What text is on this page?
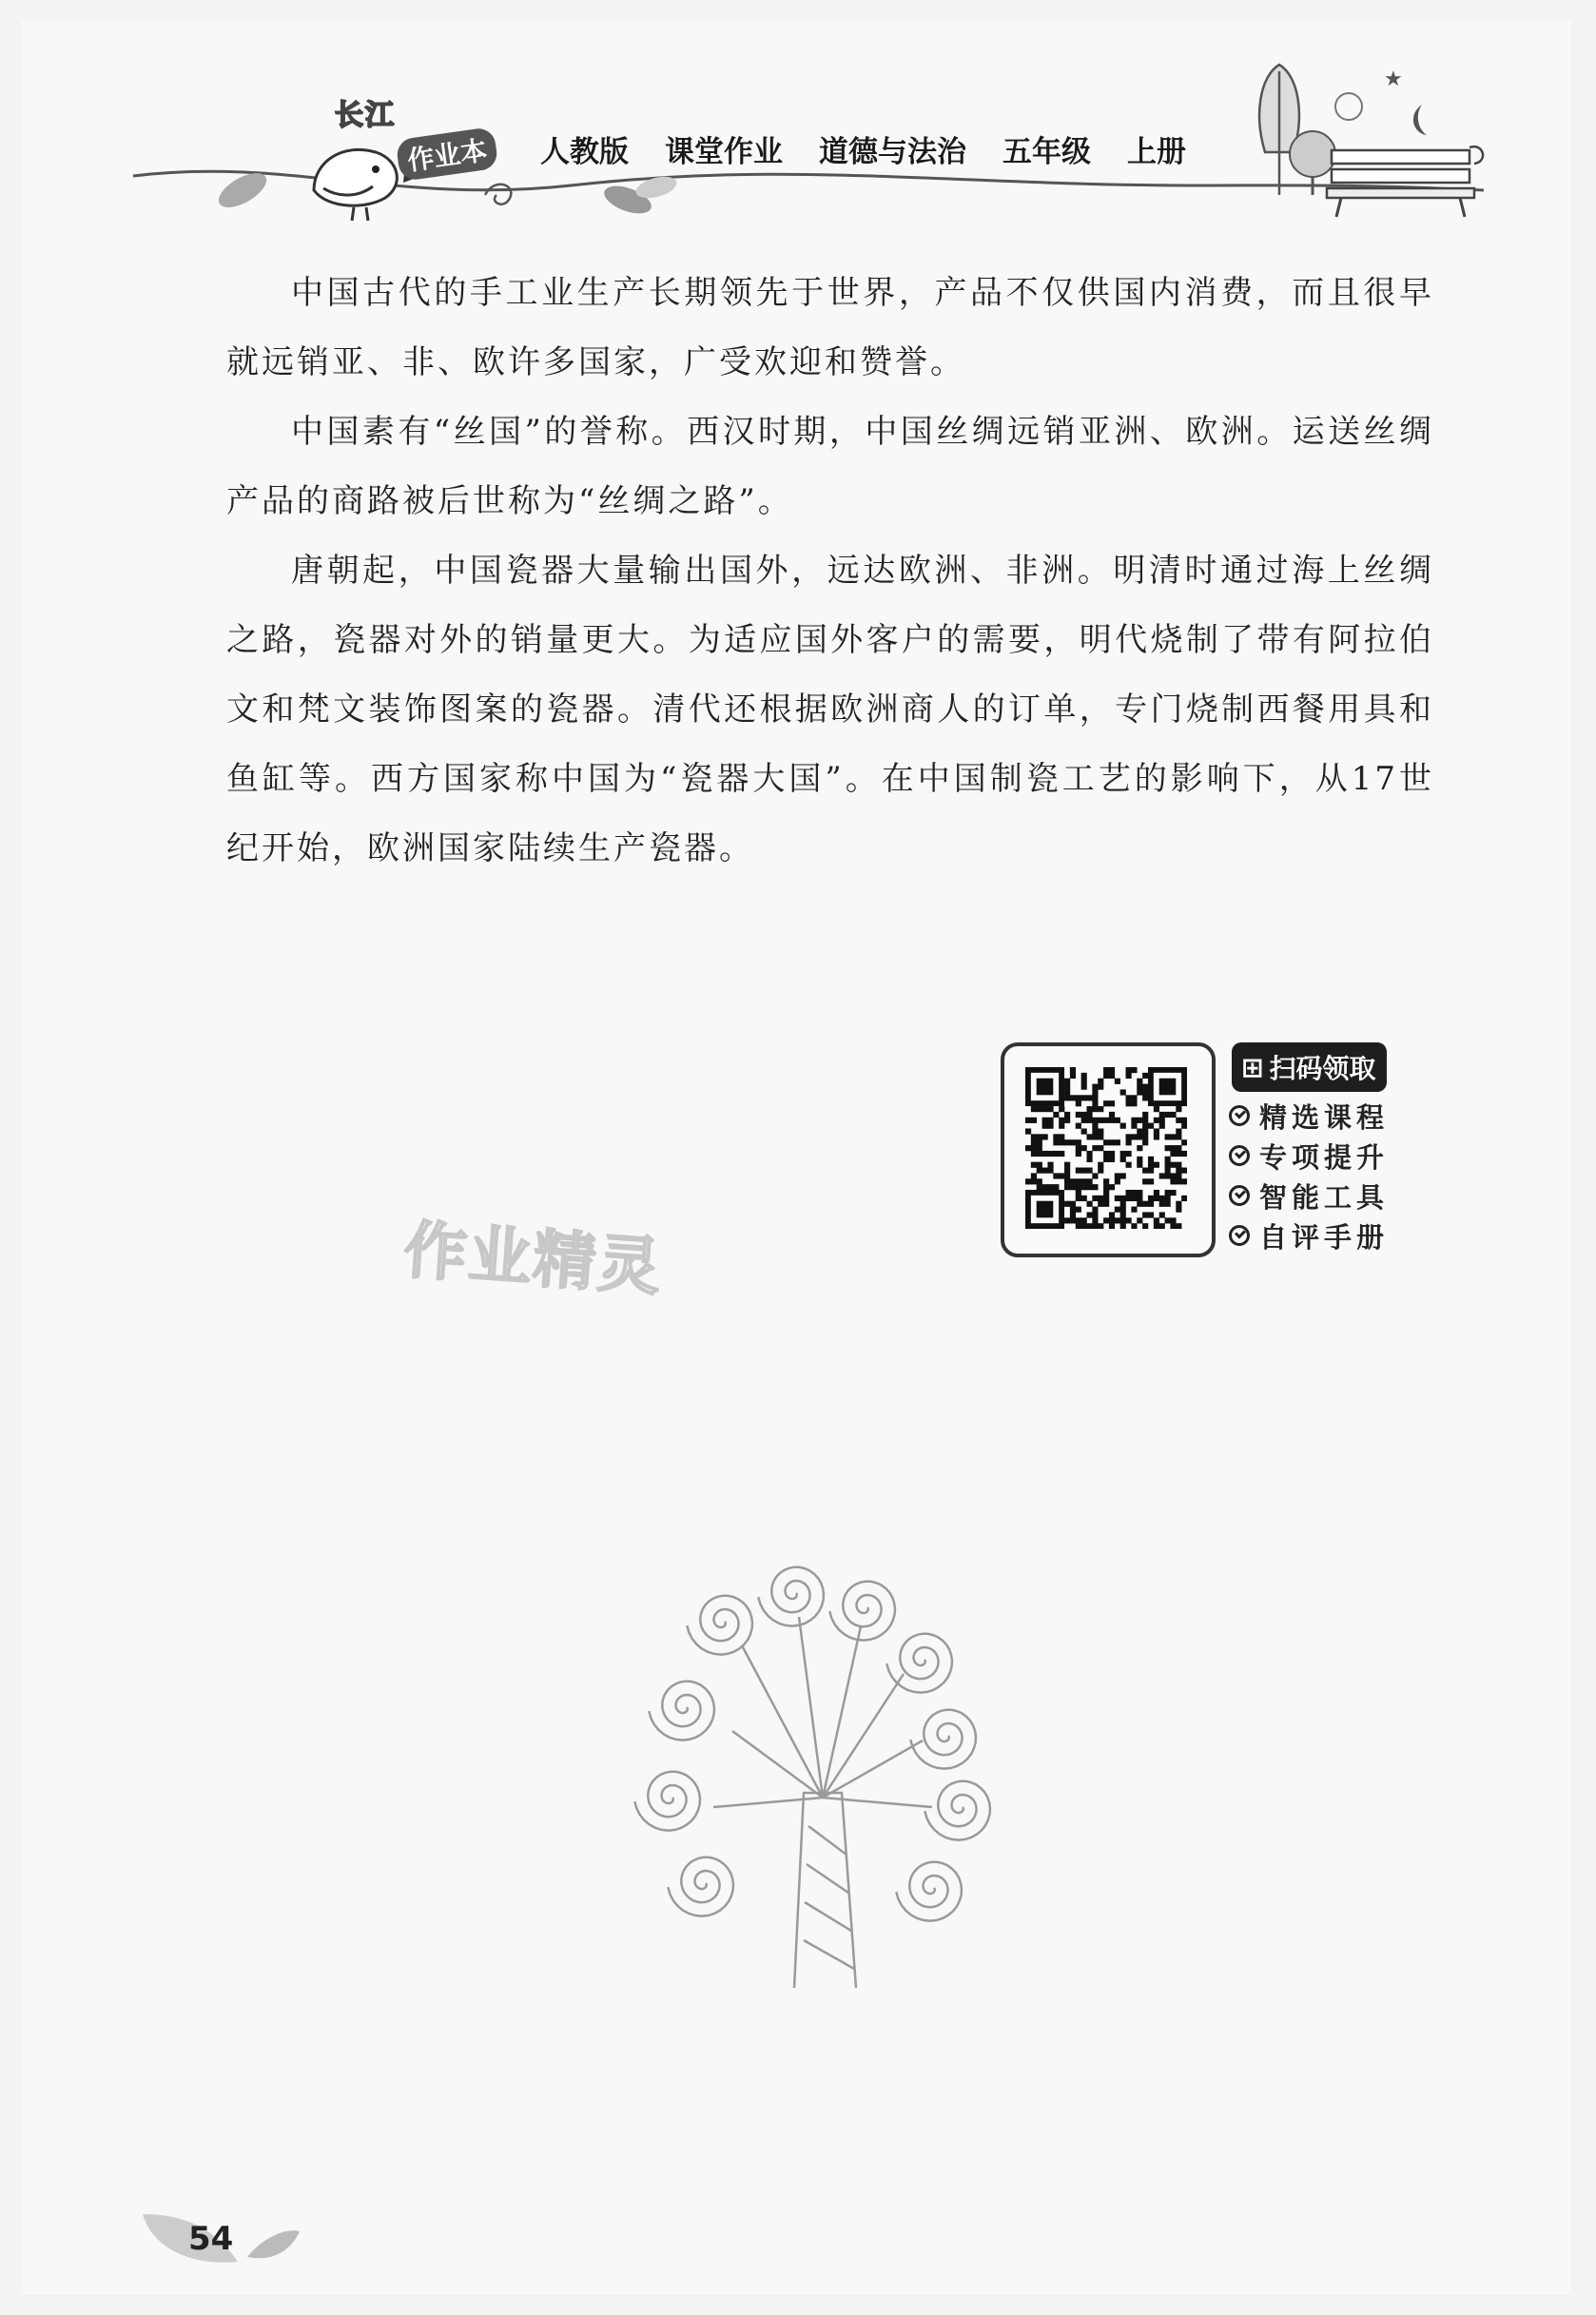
★
长江
作业本	人教版 课堂作业 道德与法治 五年级 上册

中国古代的手工业生产长期领先于世界，产品不仅供国内消费，而且很早就远销亚、非、欧许多国家，广受欢迎和赞誉。

中国素有“丝国”的誉称。西汉时期，中国丝绸远销亚洲、欧洲。运送丝绸产品的商路被后世称为“丝绸之路”。

唐朝起，中国瓷器大量输出国外，远达欧洲、非洲。明清时通过海上丝绸之路，瓷器对外的销量更大。为适应国外客户的需要，明代烧制了带有阿拉伯文和梵文装饰图案的瓷器。清代还根据欧洲商人的订单，专门烧制西餐用具和鱼缸等。西方国家称中国为“瓷器大国”。在中国制瓷工艺的影响下，从17世纪开始，欧洲国家陆续生产瓷器。

⊞ 扫码领取
精选课程
专项提升
智能工具
自评手册
作业精灵
54
